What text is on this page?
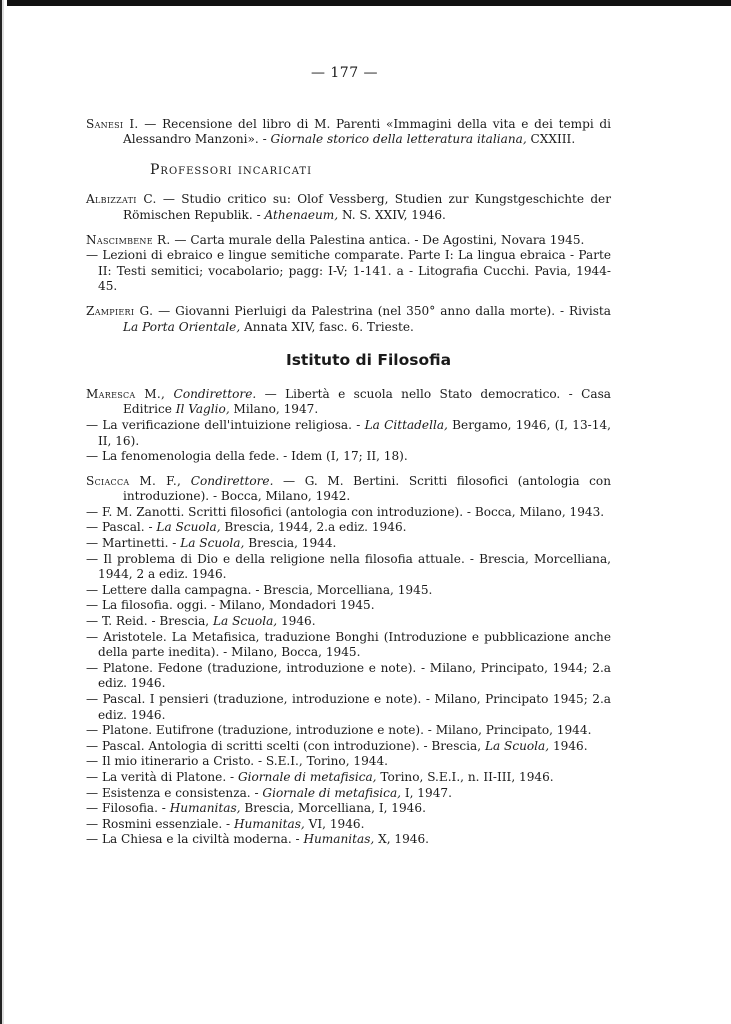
— 177 —

Sanesi I. — Recensione del libro di M. Parenti «Immagini della vita e dei tempi di Alessandro Manzoni». - Giornale storico della letteratura italiana, CXXIII.

Professori incaricati

Albizzati C. — Studio critico su: Olof Vessberg, Studien zur Kungstgeschichte der Römischen Republik. - Athenaeum, N. S. XXIV, 1946.

Nascimbene R. — Carta murale della Palestina antica. - De Agostini, Novara 1945.

— Lezioni di ebraico e lingue semitiche comparate. Parte I: La lingua ebraica - Parte II: Testi semitici; vocabolario; pagg: I-V; 1-141. a - Litografia Cucchi. Pavia, 1944-45.

Zampieri G. — Giovanni Pierluigi da Palestrina (nel 350° anno dalla morte). - Rivista La Porta Orientale, Annata XIV, fasc. 6. Trieste.

Istituto di Filosofia

Maresca M., Condirettore. — Libertà e scuola nello Stato democratico. - Casa Editrice Il Vaglio, Milano, 1947.

— La verificazione dell'intuizione religiosa. - La Cittadella, Bergamo, 1946, (I, 13-14, II, 16).

— La fenomenologia della fede. - Idem (I, 17; II, 18).

Sciacca M. F., Condirettore. — G. M. Bertini. Scritti filosofici (antologia con introduzione). - Bocca, Milano, 1942.

— F. M. Zanotti. Scritti filosofici (antologia con introduzione). - Bocca, Milano, 1943.

— Pascal. - La Scuola, Brescia, 1944, 2.a ediz. 1946.

— Martinetti. - La Scuola, Brescia, 1944.

— Il problema di Dio e della religione nella filosofia attuale. - Brescia, Morcelliana, 1944, 2 a ediz. 1946.

— Lettere dalla campagna. - Brescia, Morcelliana, 1945.

— La filosofia. oggi. - Milano, Mondadori 1945.

— T. Reid. - Brescia, La Scuola, 1946.

— Aristotele. La Metafisica, traduzione Bonghi (Introduzione e pubblicazione anche della parte inedita). - Milano, Bocca, 1945.

— Platone. Fedone (traduzione, introduzione e note). - Milano, Principato, 1944; 2.a ediz. 1946.

— Pascal. I pensieri (traduzione, introduzione e note). - Milano, Principato 1945; 2.a ediz. 1946.

— Platone. Eutifrone (traduzione, introduzione e note). - Milano, Principato, 1944.

— Pascal. Antologia di scritti scelti (con introduzione). - Brescia, La Scuola, 1946.

— Il mio itinerario a Cristo. - S.E.I., Torino, 1944.

— La verità di Platone. - Giornale di metafisica, Torino, S.E.I., n. II-III, 1946.

— Esistenza e consistenza. - Giornale di metafisica, I, 1947.

— Filosofia. - Humanitas, Brescia, Morcelliana, I, 1946.

— Rosmini essenziale. - Humanitas, VI, 1946.

— La Chiesa e la civiltà moderna. - Humanitas, X, 1946.
